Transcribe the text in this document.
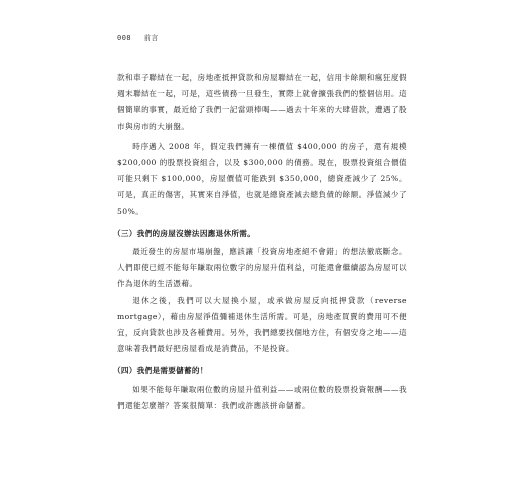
008 前言

款和車子聯結在一起，房地產抵押貸款和房屋聯結在一起，信用卡餘額和瘋狂度假週末聯結在一起，可是，這些債務一旦發生，實際上就會擴張我們的整個信用。這個簡單的事實，最近給了我們一記當頭棒喝——過去十年來的大肆借款，遭遇了股市與房市的大崩盤。

時序邁入 2008 年，假定我們擁有一棟價值 $400,000 的房子，還有規模 $200,000 的股票投資組合，以及 $300,000 的債務。現在，股票投資組合價值可能只剩下 $100,000，房屋價值可能跌到 $350,000，總資產減少了 25%。可是，真正的傷害，其實來自淨值，也就是總資產減去總負債的餘額。淨值減少了 50%。

（三）我們的房屋沒辦法因應退休所需。

最近發生的房屋市場崩盤，應該讓「投資房地產絕不會錯」的想法徹底斷念。人們即使已經不能每年賺取兩位數字的房屋升值利益，可能還會繼續認為房屋可以作為退休的生活憑藉。

退休之後，我們可以大屋換小屋，或承做房屋反向抵押貸款（reverse mortgage），藉由房屋淨值彌補退休生活所需。可是，房地產買賣的費用可不便宜，反向貸款也涉及各種費用。另外，我們總要找個地方住，有個安身之地——這意味著我們最好把房屋看成是消費品，不是投資。

（四）我們是需要儲蓄的！

如果不能每年賺取兩位數的房屋升值利益——或兩位數的股票投資報酬——我們還能怎麼辦？答案很簡單：我們或許應該拼命儲蓄。
